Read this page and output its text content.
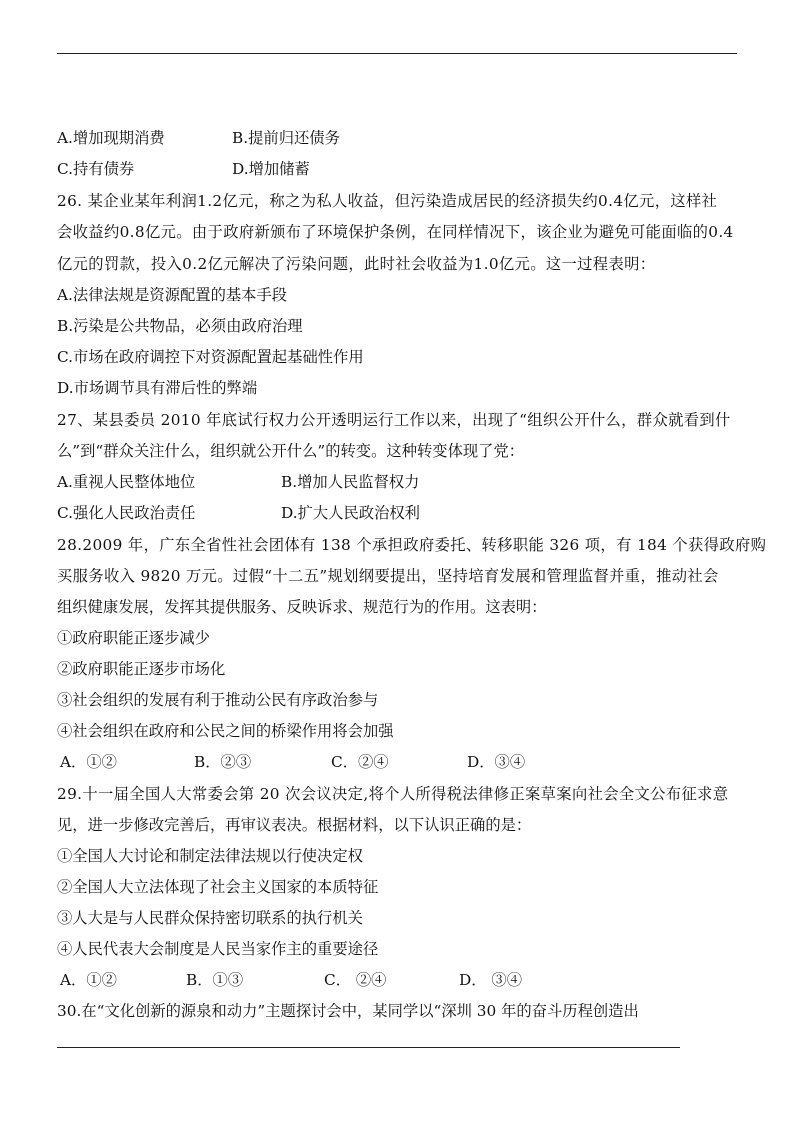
A.增加现期消费	B.提前归还债务
C.持有债券	D.增加储蓄
26. 某企业某年利润1.2亿元，称之为私人收益，但污染造成居民的经济损失约0.4亿元，这样社
会收益约0.8亿元。由于政府新颁布了环境保护条例，在同样情况下，该企业为避免可能面临的0.4
亿元的罚款，投入0.2亿元解决了污染问题，此时社会收益为1.0亿元。这一过程表明：
A.法律法规是资源配置的基本手段
B.污染是公共物品，必须由政府治理
C.市场在政府调控下对资源配置起基础性作用
D.市场调节具有滞后性的弊端
27、某县委员 2010 年底试行权力公开透明运行工作以来，出现了“组织公开什么，群众就看到什
么”到“群众关注什么，组织就公开什么”的转变。这种转变体现了党：
A.重视人民整体地位	B.增加人民监督权力
C.强化人民政治责任	D.扩大人民政治权利
28.2009 年，广东全省性社会团体有 138 个承担政府委托、转移职能 326 项，有 184 个获得政府购
买服务收入 9820 万元。过假“十二五”规划纲要提出，坚持培育发展和管理监督并重，推动社会
组织健康发展，发挥其提供服务、反映诉求、规范行为的作用。这表明：
①政府职能正逐步减少
②政府职能正逐步市场化
③社会组织的发展有利于推动公民有序政治参与
④社会组织在政府和公民之间的桥梁作用将会加强
A．①②	B．②③	C．②④	D．③④
29.十一届全国人大常委会第 20 次会议决定,将个人所得税法律修正案草案向社会全文公布征求意
见，进一步修改完善后，再审议表决。根据材料，以下认识正确的是：
①全国人大讨论和制定法律法规以行使决定权
②全国人大立法体现了社会主义国家的本质特征
③人大是与人民群众保持密切联系的执行机关
④人民代表大会制度是人民当家作主的重要途径
A．①②	B．①③	C． ②④	D． ③④
30.在“文化创新的源泉和动力”主题探讨会中，某同学以“深圳 30 年的奋斗历程创造出
